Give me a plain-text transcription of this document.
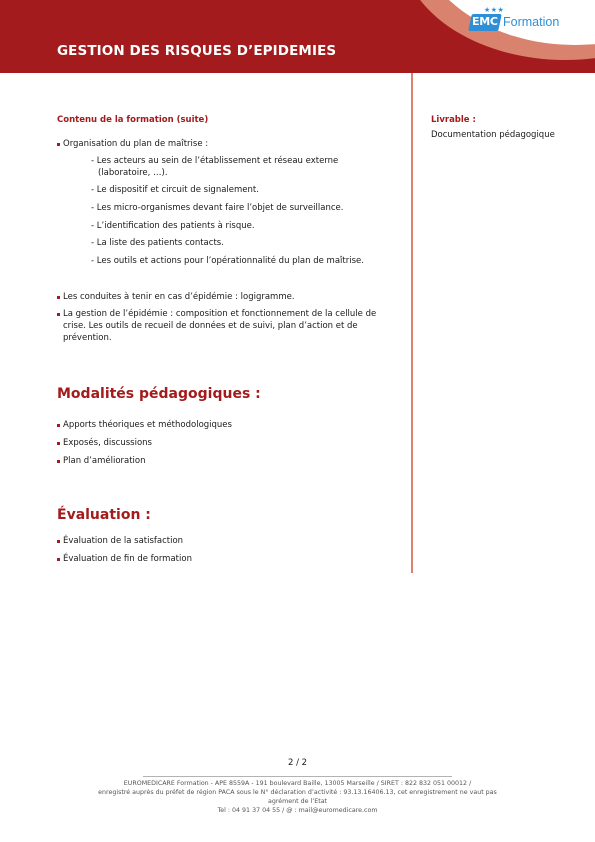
★★★
EMC Formation
GESTION DES RISQUES D’EPIDEMIES
Contenu de la formation (suite)
Organisation du plan de maîtrise :
- Les acteurs au sein de l’établissement et réseau externe (laboratoire, …).
- Le dispositif et circuit de signalement.
- Les micro-organismes devant faire l’objet de surveillance.
- L’identification des patients à risque.
- La liste des patients contacts.
- Les outils et actions pour l’opérationnalité du plan de maîtrise.
Les conduites à tenir en cas d’épidémie : logigramme.
La gestion de l’épidémie : composition et fonctionnement de la cellule de crise. Les outils de recueil de données et de suivi, plan d’action et de prévention.
Modalités pédagogiques :
Apports théoriques et méthodologiques
Exposés, discussions
Plan d’amélioration
Évaluation :
Évaluation de la satisfaction
Évaluation de fin de formation
Livrable :
Documentation pédagogique
2 / 2
EUROMEDICARE Formation - APE 8559A - 191 boulevard Baille, 13005 Marseille / SIRET : 822 832 051 00012 /
enregistré auprès du préfet de région PACA sous le N° déclaration d’activité : 93.13.16406.13, cet enregistrement ne vaut pas
agrément de l’Etat
Tel : 04 91 37 04 55 / @ : mail@euromedicare.com
